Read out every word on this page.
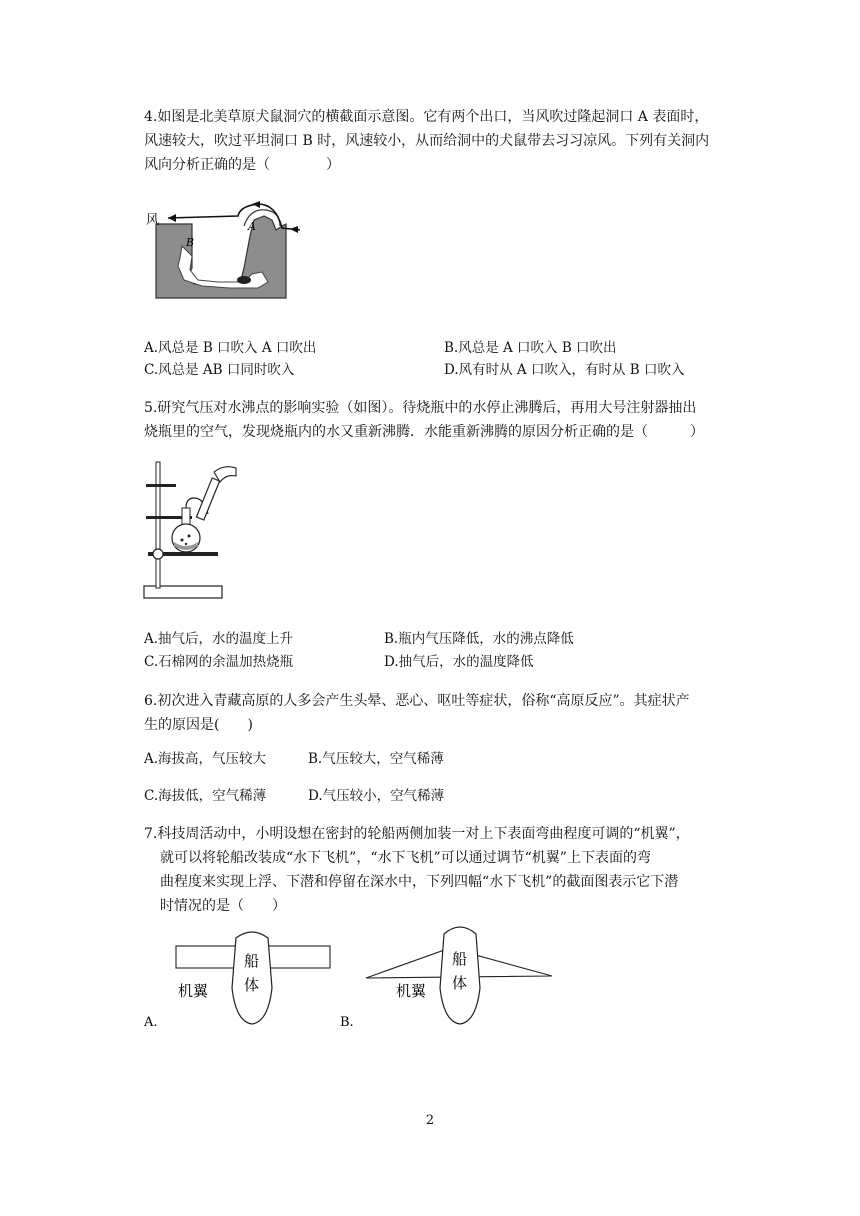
4.如图是北美草原犬鼠洞穴的横截面示意图。它有两个出口，当风吹过隆起洞口 A 表面时，
风速较大，吹过平坦洞口 B 时，风速较小，从而给洞中的犬鼠带去习习凉风。下列有关洞内
风向分析正确的是（　　　　）
风
B
A
A.风总是 B 口吹入 A 口吹出	B.风总是 A 口吹入 B 口吹出
C.风总是 AB 口同时吹入	D.风有时从 A 口吹入，有时从 B 口吹入
5.研究气压对水沸点的影响实验（如图）。待烧瓶中的水停止沸腾后，再用大号注射器抽出
烧瓶里的空气，发现烧瓶内的水又重新沸腾．水能重新沸腾的原因分析正确的是（　　　）
A.抽气后，水的温度上升	B.瓶内气压降低，水的沸点降低
C.石棉网的余温加热烧瓶	D.抽气后，水的温度降低
6.初次进入青藏高原的人多会产生头晕、恶心、呕吐等症状，俗称“高原反应”。其症状产
生的原因是(　　)
A.海拔高，气压较大	B.气压较大，空气稀薄
C.海拔低，空气稀薄	D.气压较小，空气稀薄
7.科技周活动中，小明设想在密封的轮船两侧加装一对上下表面弯曲程度可调的“机翼”，
就可以将轮船改装成“水下飞机”，“水下飞机”可以通过调节“机翼”上下表面的弯
曲程度来实现上浮、下潜和停留在深水中，下列四幅“水下飞机”的截面图表示它下潜
时情况的是（　　）
船
体
机翼
A.
船
体
机翼
B.
2
